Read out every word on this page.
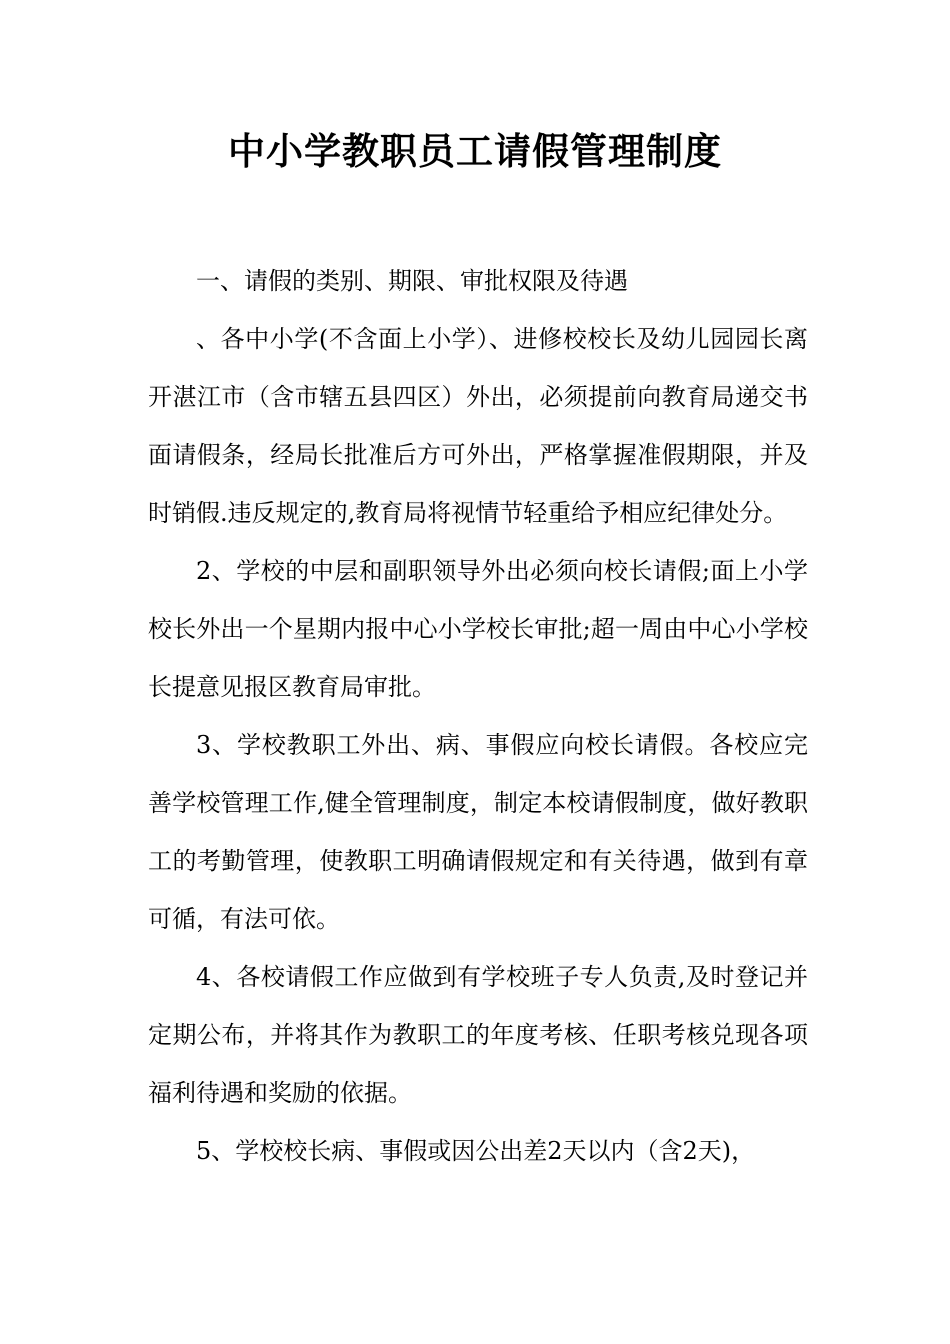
中小学教职员工请假管理制度

一、请假的类别、期限、审批权限及待遇

、各中小学(不含面上小学）、进修校校长及幼儿园园长离开湛江市（含市辖五县四区）外出，必须提前向教育局递交书面请假条，经局长批准后方可外出，严格掌握准假期限，并及时销假.违反规定的,教育局将视情节轻重给予相应纪律处分。

2、学校的中层和副职领导外出必须向校长请假;面上小学校长外出一个星期内报中心小学校长审批;超一周由中心小学校长提意见报区教育局审批。

3、学校教职工外出、病、事假应向校长请假。各校应完善学校管理工作,健全管理制度，制定本校请假制度，做好教职工的考勤管理，使教职工明确请假规定和有关待遇，做到有章可循，有法可依。

4、各校请假工作应做到有学校班子专人负责,及时登记并定期公布，并将其作为教职工的年度考核、任职考核兑现各项福利待遇和奖励的依据。

5、学校校长病、事假或因公出差2天以内（含2天)，
